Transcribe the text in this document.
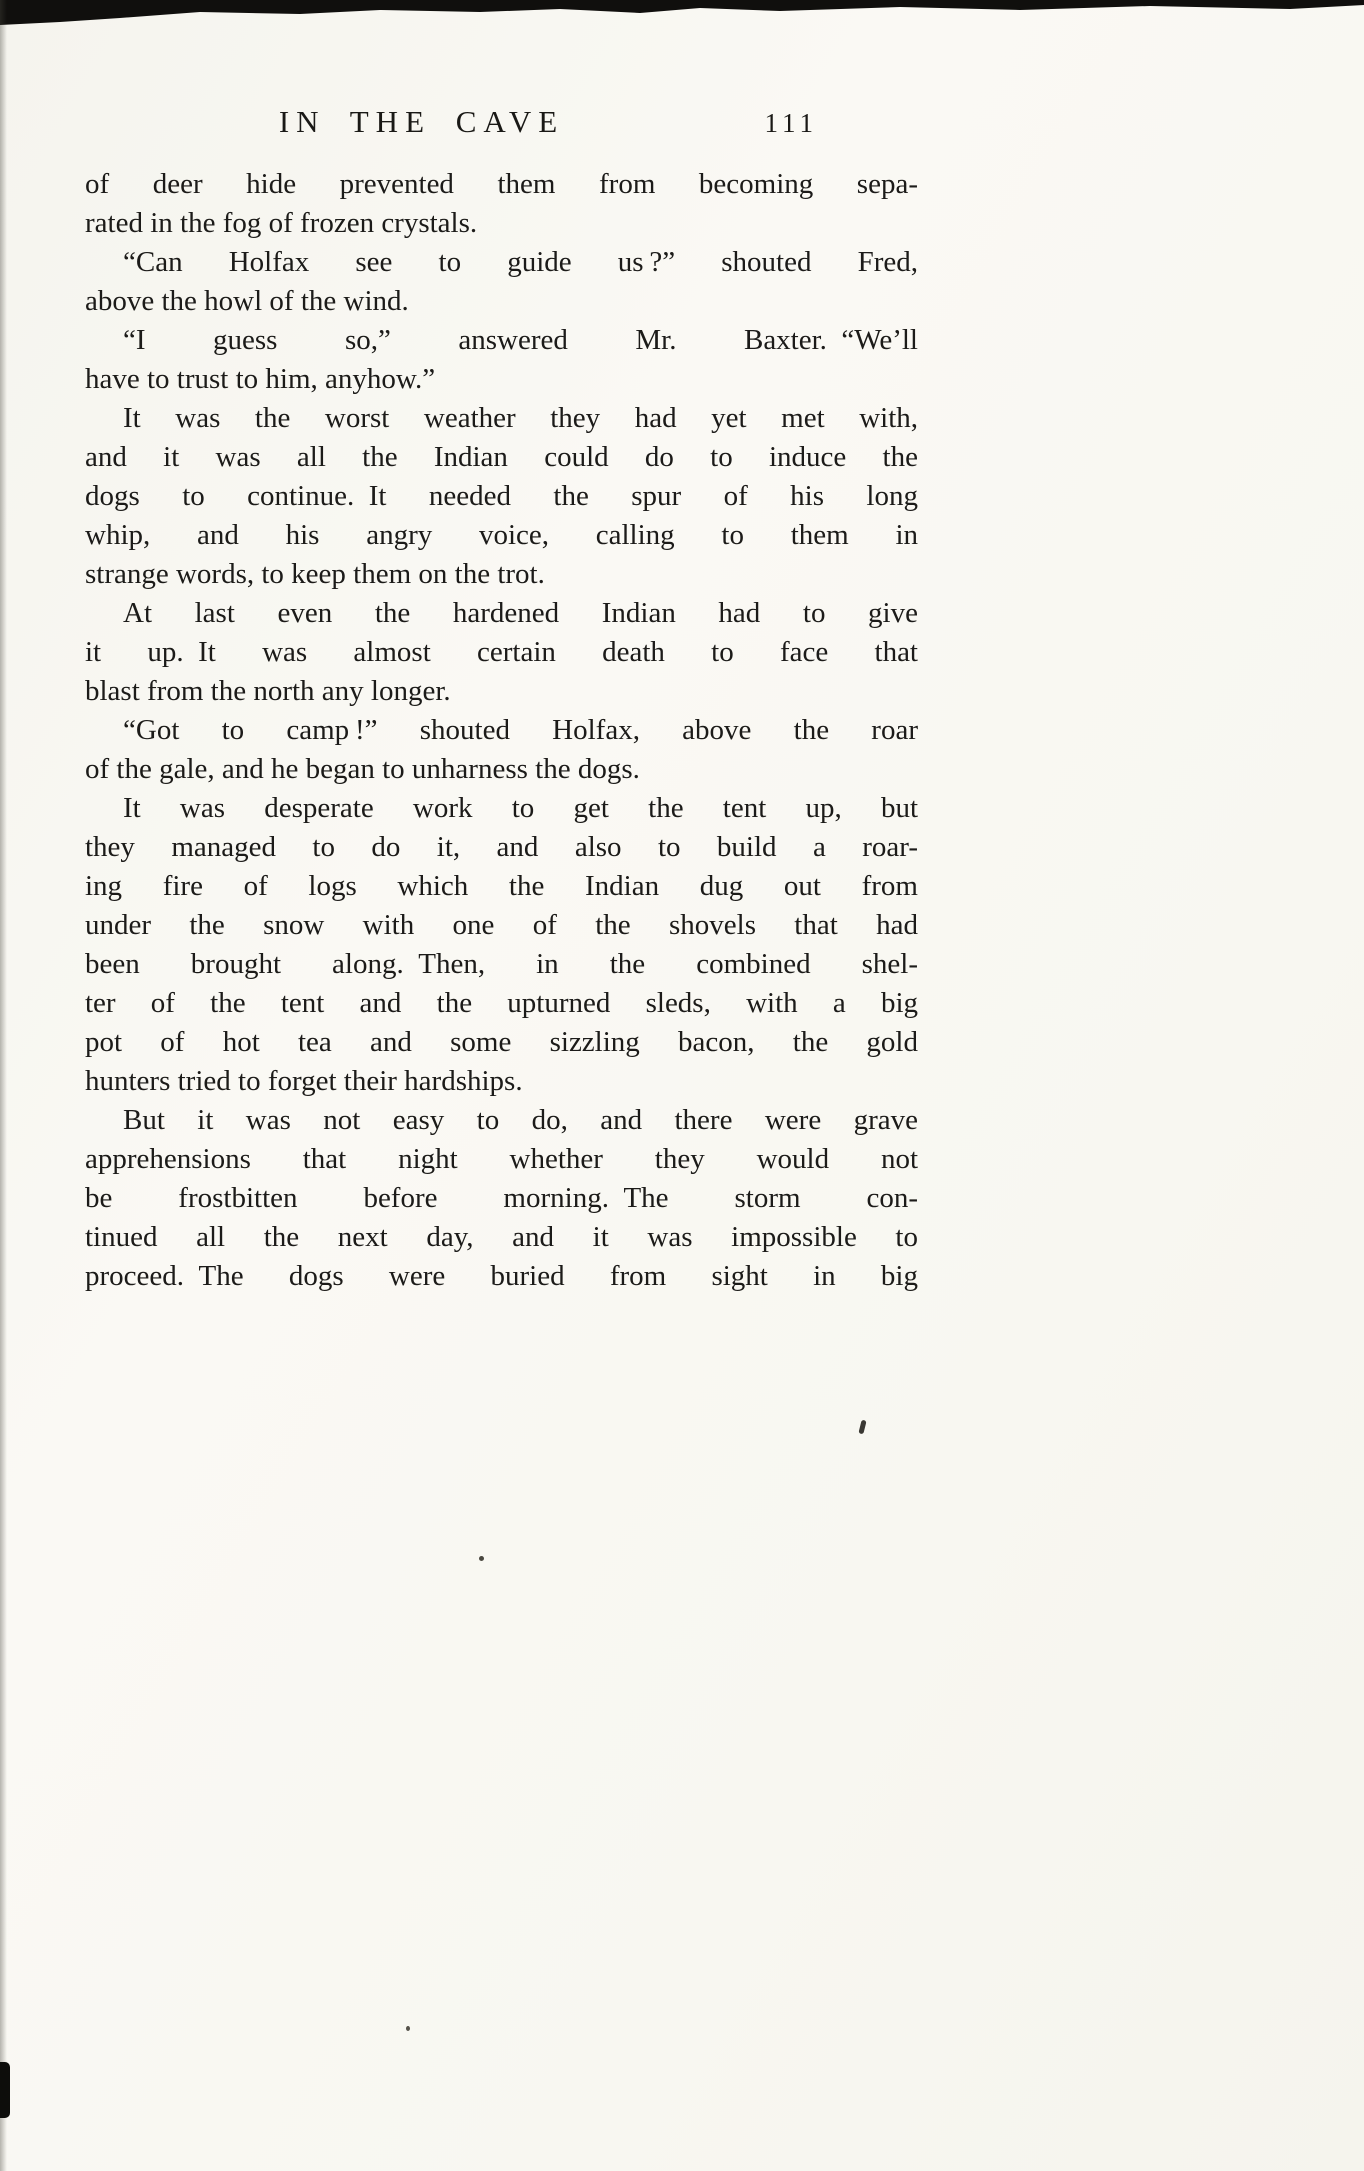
IN THE CAVE	111
of deer hide prevented them from becoming sepa-
rated in the fog of frozen crystals.
“Can Holfax see to guide us ?” shouted Fred,
above the howl of the wind.
“I guess so,” answered Mr. Baxter. “We’ll
have to trust to him, anyhow.”
It was the worst weather they had yet met with,
and it was all the Indian could do to induce the
dogs to continue. It needed the spur of his long
whip, and his angry voice, calling to them in
strange words, to keep them on the trot.
At last even the hardened Indian had to give
it up. It was almost certain death to face that
blast from the north any longer.
“Got to camp !” shouted Holfax, above the roar
of the gale, and he began to unharness the dogs.
It was desperate work to get the tent up, but
they managed to do it, and also to build a roar-
ing fire of logs which the Indian dug out from
under the snow with one of the shovels that had
been brought along. Then, in the combined shel-
ter of the tent and the upturned sleds, with a big
pot of hot tea and some sizzling bacon, the gold
hunters tried to forget their hardships.
But it was not easy to do, and there were grave
apprehensions that night whether they would not
be frostbitten before morning. The storm con-
tinued all the next day, and it was impossible to
proceed. The dogs were buried from sight in big
